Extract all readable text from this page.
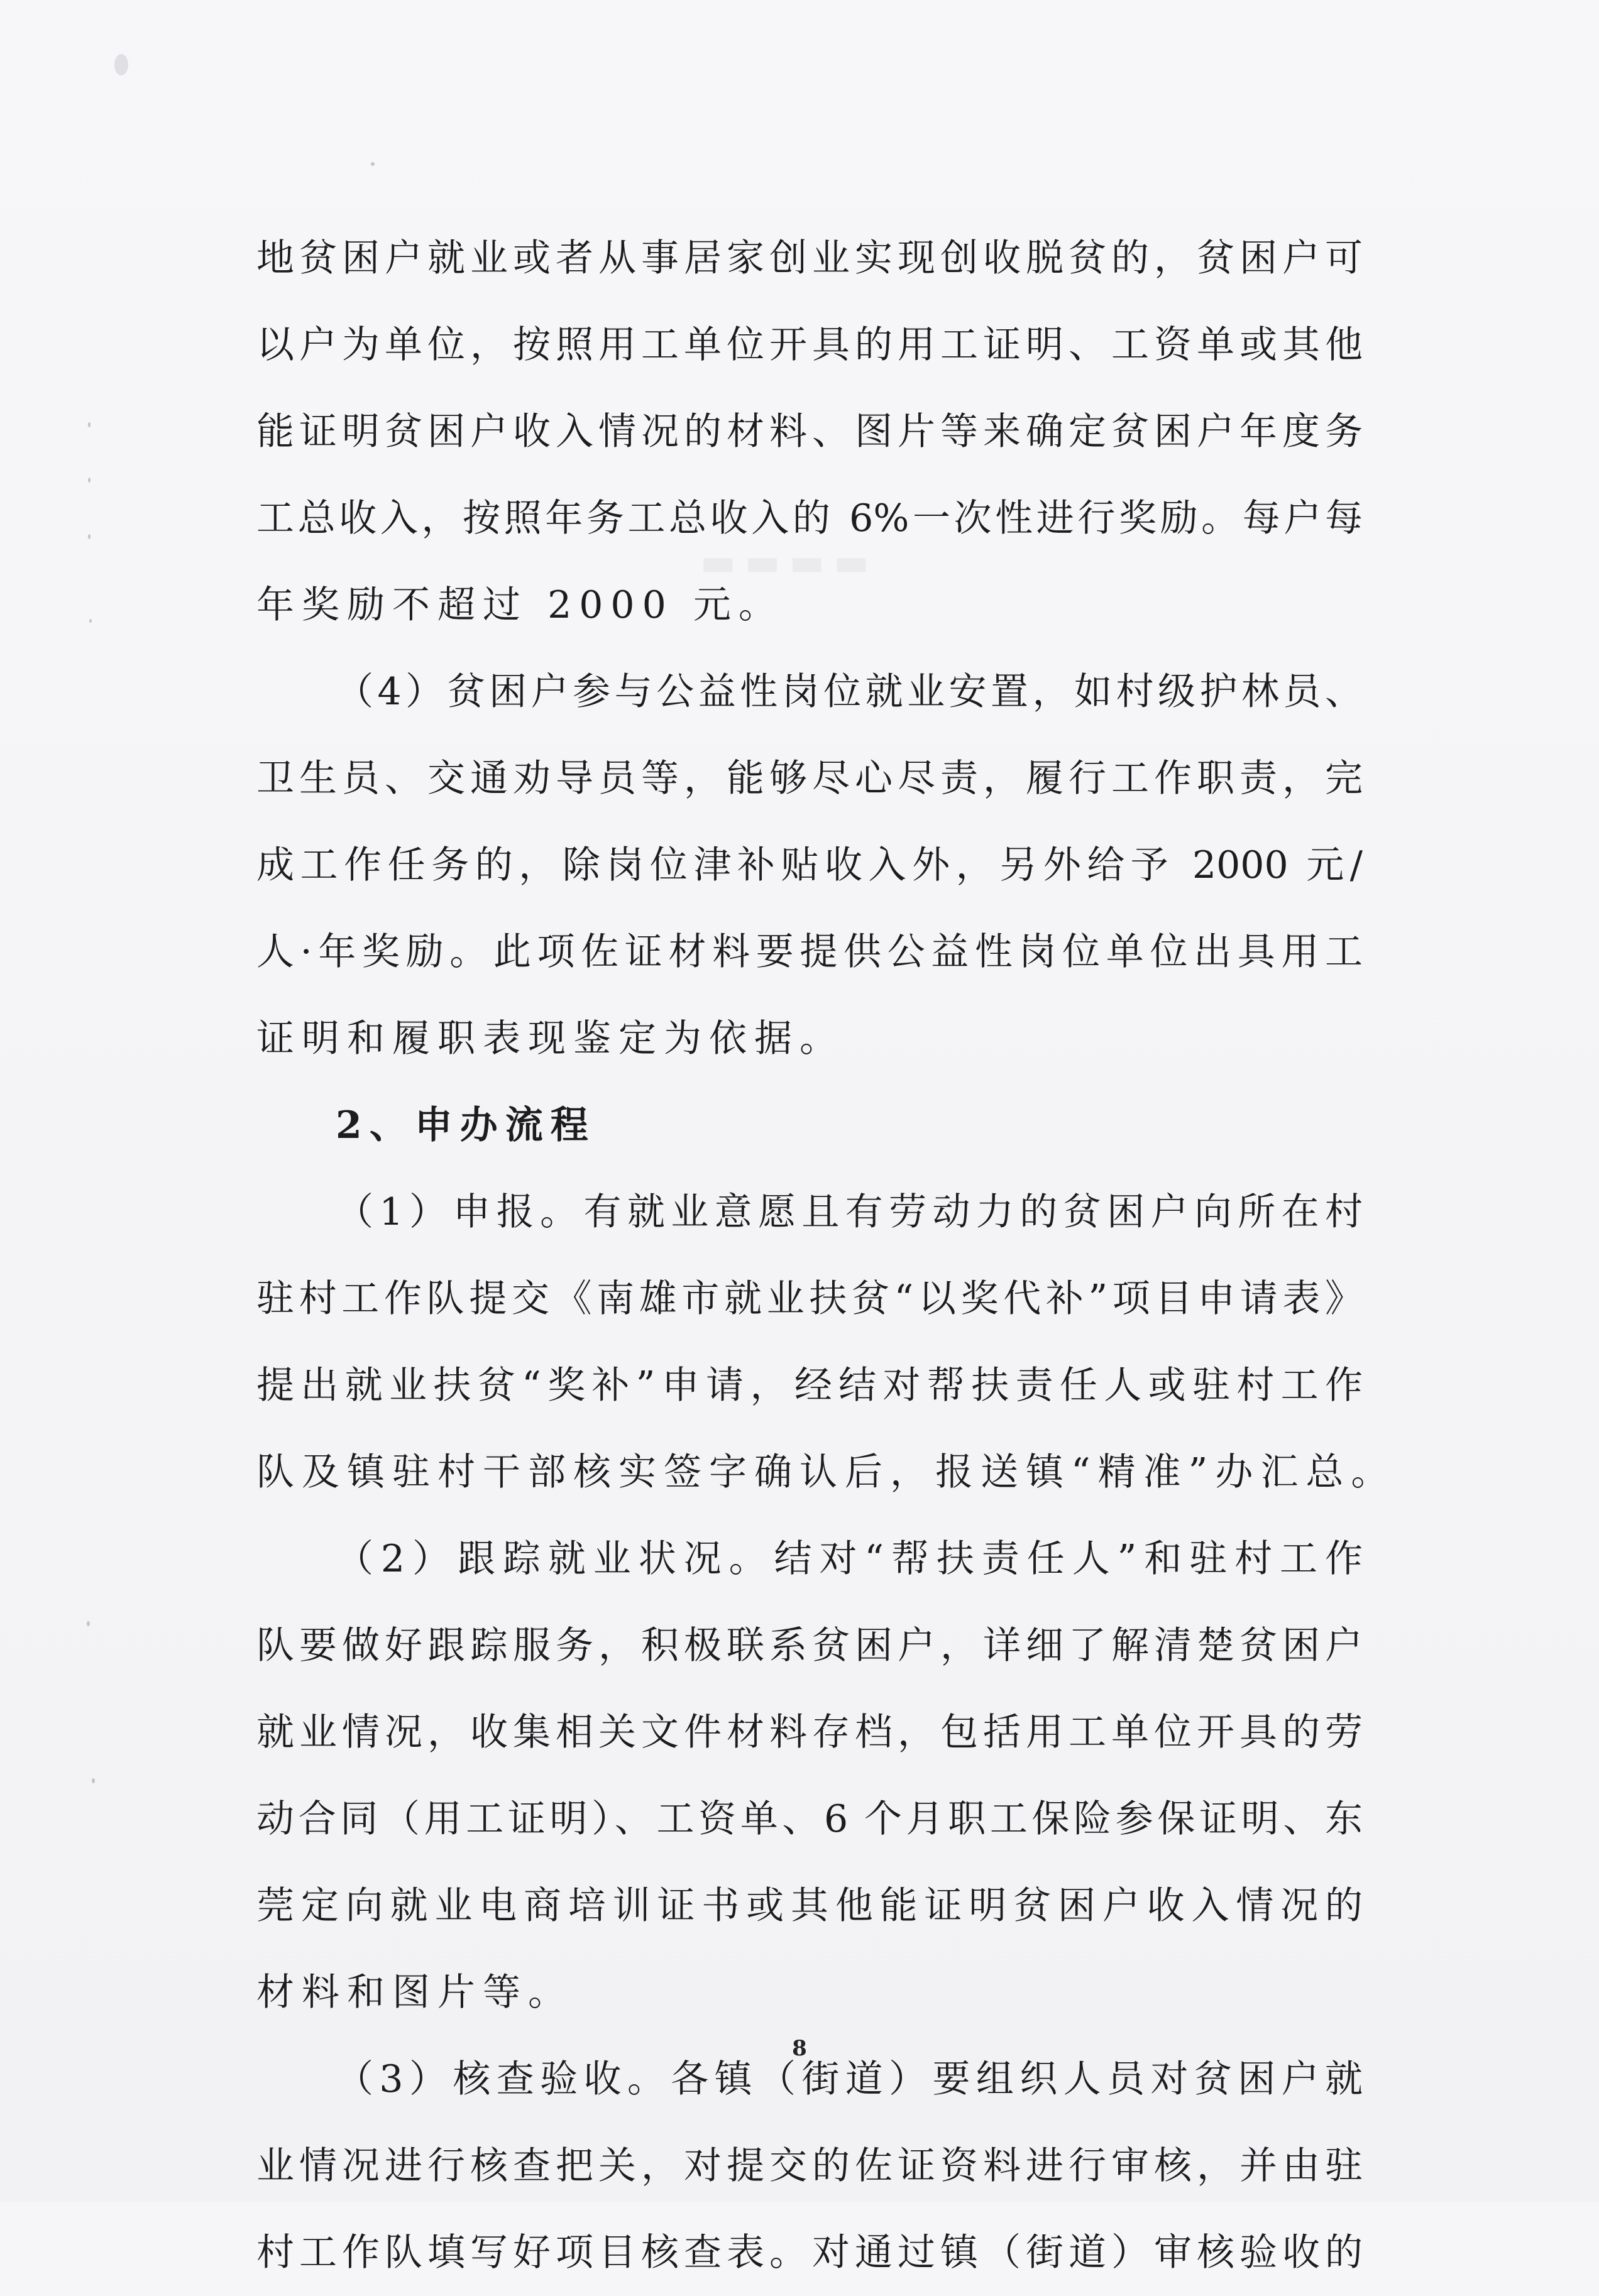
▬▬▬▬
地贫困户就业或者从事居家创业实现创收脱贫的，贫困户可
以户为单位，按照用工单位开具的用工证明、工资单或其他
能证明贫困户收入情况的材料、图片等来确定贫困户年度务
工总收入，按照年务工总收入的 6%一次性进行奖励。每户每
年奖励不超过 2000 元。
（4）贫困户参与公益性岗位就业安置，如村级护林员、
卫生员、交通劝导员等，能够尽心尽责，履行工作职责，完
成工作任务的，除岗位津补贴收入外，另外给予 2000 元/
人·年奖励。此项佐证材料要提供公益性岗位单位出具用工
证明和履职表现鉴定为依据。
2、申办流程
（1）申报。有就业意愿且有劳动力的贫困户向所在村
驻村工作队提交《南雄市就业扶贫“以奖代补”项目申请表》
提出就业扶贫“奖补”申请，经结对帮扶责任人或驻村工作
队及镇驻村干部核实签字确认后，报送镇“精准”办汇总。
（2）跟踪就业状况。结对“帮扶责任人”和驻村工作
队要做好跟踪服务，积极联系贫困户，详细了解清楚贫困户
就业情况，收集相关文件材料存档，包括用工单位开具的劳
动合同（用工证明）、工资单、6 个月职工保险参保证明、东
莞定向就业电商培训证书或其他能证明贫困户收入情况的
材料和图片等。
（3）核查验收。各镇（街道）要组织人员对贫困户就
业情况进行核查把关，对提交的佐证资料进行审核，并由驻
村工作队填写好项目核查表。对通过镇（街道）审核验收的
8
